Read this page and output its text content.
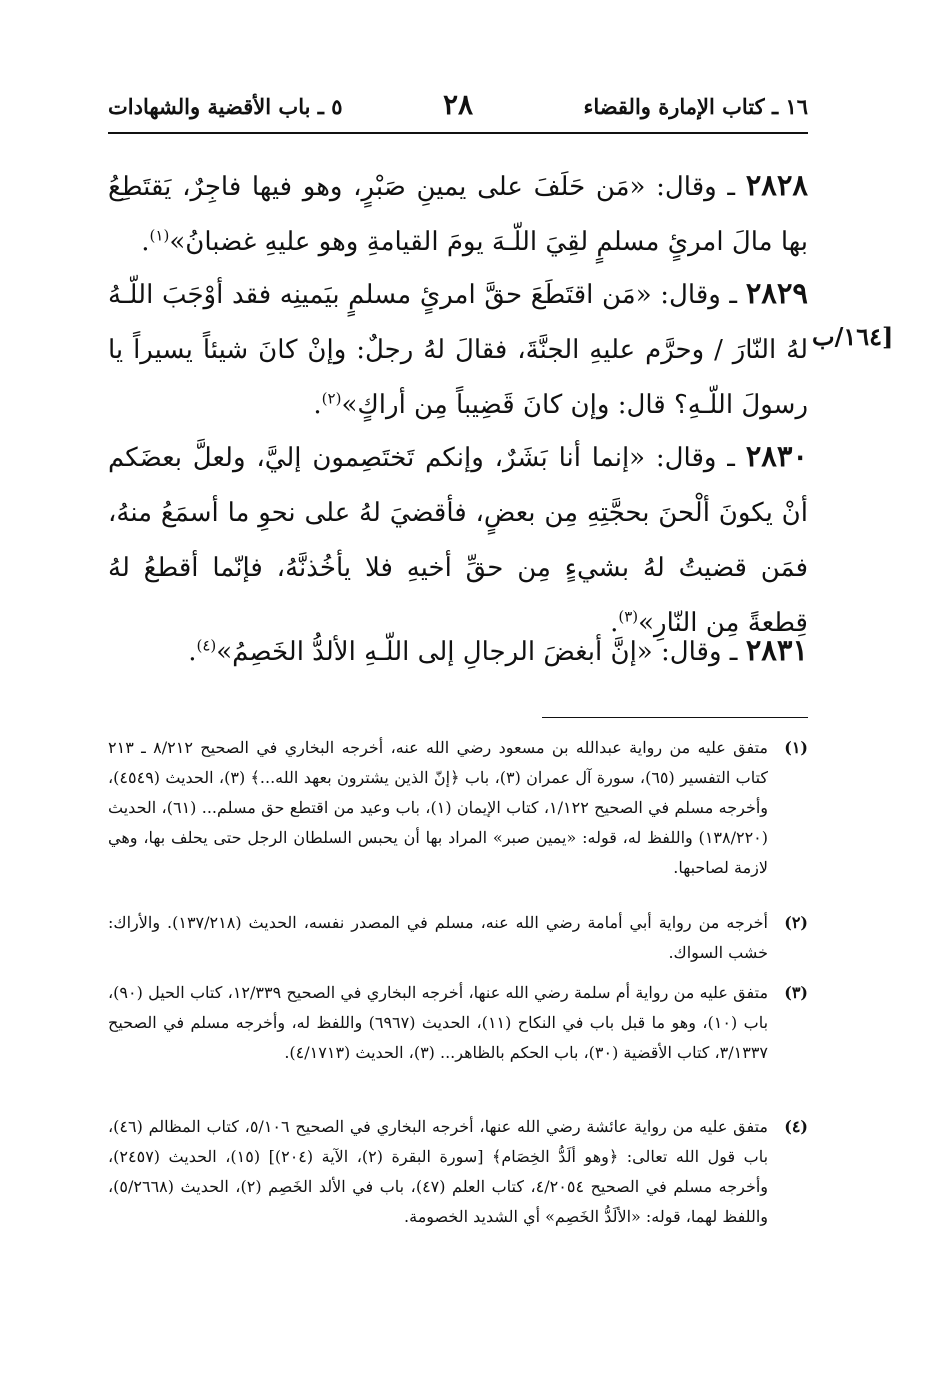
١٦ ـ كتاب الإمارة والقضاء
٢٨
٥ ـ باب الأقضية والشهادات
٢٨٢٨ ـ وقال: «مَن حَلَفَ على يمينِ صَبْرٍ، وهو فيها فاجِرٌ، يَقتَطِعُ بها مالَ امرئٍ مسلمٍ لقِيَ اللّـهَ يومَ القيامةِ وهو عليهِ غضبانُ»$^{(١)}$.
٢٨٢٩ ـ وقال: «مَن اقتَطَعَ حقَّ امرئٍ مسلمٍ بيَمينِه فقد أوْجَبَ اللّـهُ لهُ النّارَ / وحرَّم عليهِ الجنَّةَ، فقالَ لهُ رجلٌ: وإنْ كانَ شيئاً يسيراً يا رسولَ اللّـهِ؟ قال: وإن كانَ قَضِيباً مِن أراكٍ»$^{(٢)}$.
١٦٤/ب]
٢٨٣٠ ـ وقال: «إنما أنا بَشَرٌ، وإنكم تَختَصِمون إليَّ، ولعلَّ بعضَكم أنْ يكونَ ألْحنَ بحجَّتِهِ مِن بعضٍ، فأقضيَ لهُ على نحوِ ما أسمَعُ منهُ، فمَن قضيتُ لهُ بشيءٍ مِن حقِّ أخيهِ فلا يأخُذنَّهُ، فإنّما أقطعُ لهُ قِطعةً مِن النّارِ»$^{(٣)}$.
٢٨٣١ ـ وقال: «إنَّ أبغضَ الرجالِ إلى اللّـهِ الألدُّ الخَصِمُ»$^{(٤)}$.
(١)
متفق عليه من رواية عبدالله بن مسعود رضي الله عنه، أخرجه البخاري في الصحيح ٨/٢١٢ ـ ٢١٣ كتاب التفسير (٦٥)، سورة آل عمران (٣)، باب ﴿إنّ الذين يشترون بعهد الله...﴾ (٣)، الحديث (٤٥٤٩)، وأخرجه مسلم في الصحيح ١/١٢٢، كتاب الإيمان (١)، باب وعيد من اقتطع حق مسلم... (٦١)، الحديث (١٣٨/٢٢٠) واللفظ له، قوله: «يمين صبر» المراد بها أن يحبس السلطان الرجل حتى يحلف بها، وهي لازمة لصاحبها.
(٢)
أخرجه من رواية أبي أمامة رضي الله عنه، مسلم في المصدر نفسه، الحديث (١٣٧/٢١٨). والأراك: خشب السواك.
(٣)
متفق عليه من رواية أم سلمة رضي الله عنها، أخرجه البخاري في الصحيح ١٢/٣٣٩، كتاب الحيل (٩٠)، باب (١٠)، وهو ما قبل باب في النكاح (١١)، الحديث (٦٩٦٧) واللفظ له، وأخرجه مسلم في الصحيح ٣/١٣٣٧، كتاب الأقضية (٣٠)، باب الحكم بالظاهر... (٣)، الحديث (٤/١٧١٣).
(٤)
متفق عليه من رواية عائشة رضي الله عنها، أخرجه البخاري في الصحيح ٥/١٠٦، كتاب المظالم (٤٦)، باب قول الله تعالى: ﴿وهو ألَدُّ الخِصَام﴾ [سورة البقرة (٢)، الآية (٢٠٤)] (١٥)، الحديث (٢٤٥٧)، وأخرجه مسلم في الصحيح ٤/٢٠٥٤، كتاب العلم (٤٧)، باب في الألد الخَصِم (٢)، الحديث (٥/٢٦٦٨)، واللفظ لهما، قوله: «الألَدُّ الخَصِم» أي الشديد الخصومة.
